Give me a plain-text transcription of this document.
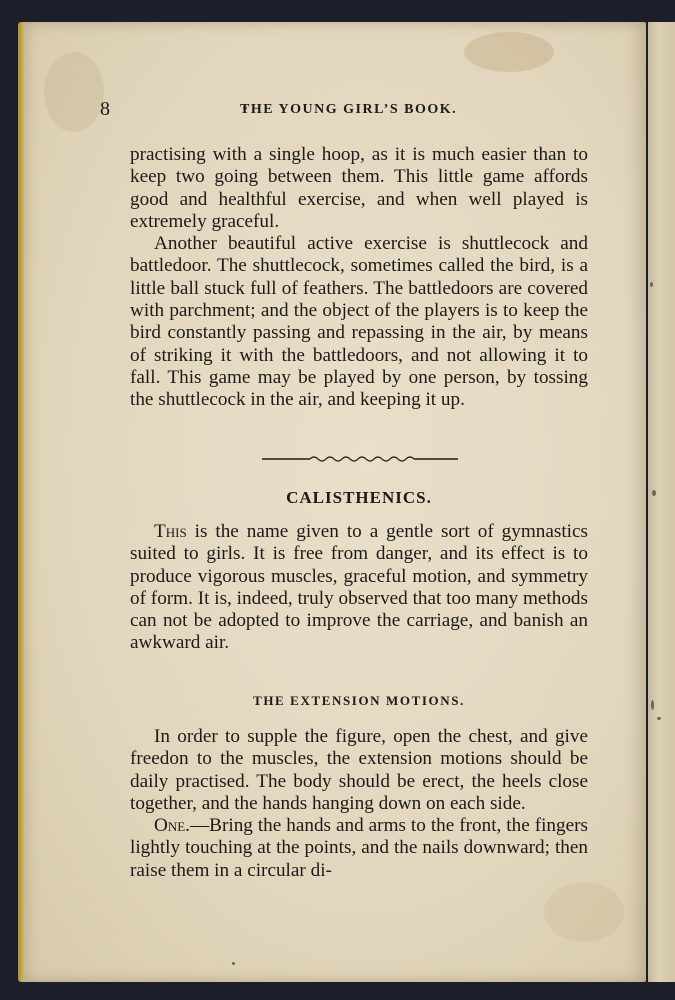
8	THE YOUNG GIRL’S BOOK.

practising with a single hoop, as it is much easier than to keep two going between them. This little game affords good and healthful exercise, and when well played is extremely graceful.

Another beautiful active exercise is shuttlecock and battledoor. The shuttlecock, sometimes called the bird, is a little ball stuck full of feathers. The battledoors are covered with parchment; and the object of the players is to keep the bird constantly passing and repassing in the air, by means of striking it with the battledoors, and not allowing it to fall. This game may be played by one person, by tossing the shuttlecock in the air, and keeping it up.

CALISTHENICS.
This is the name given to a gentle sort of gymnastics suited to girls. It is free from danger, and its effect is to produce vigorous muscles, graceful motion, and symmetry of form. It is, indeed, truly observed that too many methods can not be adopted to improve the carriage, and banish an awkward air.
THE EXTENSION MOTIONS.

In order to supple the figure, open the chest, and give freedon to the muscles, the extension motions should be daily practised. The body should be erect, the heels close together, and the hands hanging down on each side.

One.—Bring the hands and arms to the front, the fingers lightly touching at the points, and the nails downward; then raise them in a circular di-
